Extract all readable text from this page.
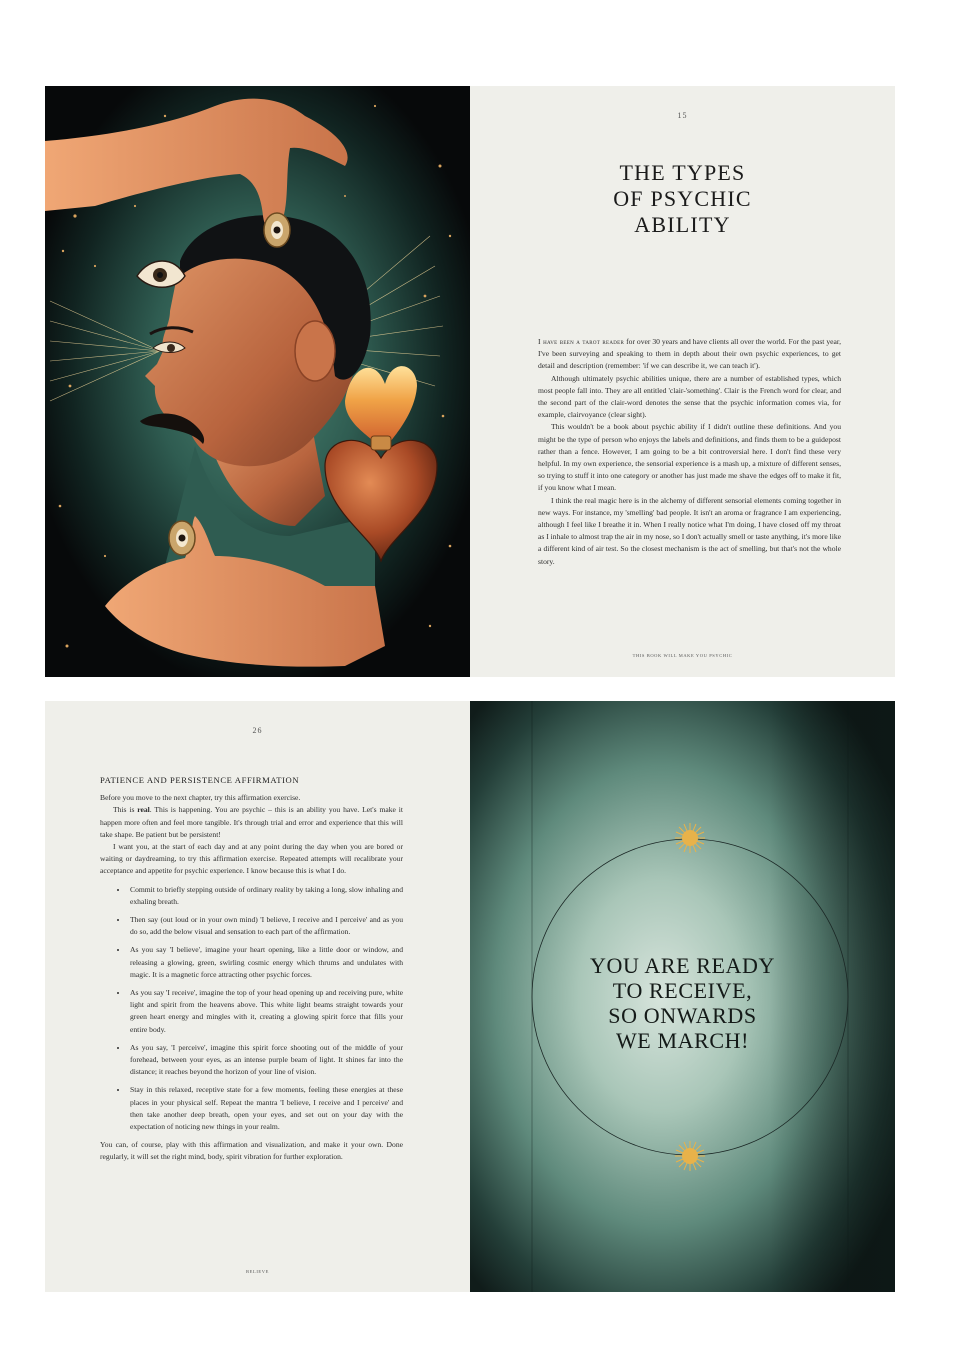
15
THE TYPES
OF PSYCHIC
ABILITY

I have been a tarot reader for over 30 years and have clients all over the world. For the past year, I've been surveying and speaking to them in depth about their own psychic experiences, to get detail and description (remember: 'if we can describe it, we can teach it').

Although ultimately psychic abilities unique, there are a number of established types, which most people fall into. They are all entitled 'clair-'something'. Clair is the French word for clear, and the second part of the clair-word denotes the sense that the psychic information comes via, for example, clairvoyance (clear sight).

This wouldn't be a book about psychic ability if I didn't outline these definitions. And you might be the type of person who enjoys the labels and definitions, and finds them to be a guidepost rather than a fence. However, I am going to be a bit controversial here. I don't find these very helpful. In my own experience, the sensorial experience is a mash up, a mixture of different senses, so trying to stuff it into one category or another has just made me shave the edges off to make it fit, if you know what I mean.

I think the real magic here is in the alchemy of different sensorial elements coming together in new ways. For instance, my 'smelling' bad people. It isn't an aroma or fragrance I am experiencing, although I feel like I breathe it in. When I really notice what I'm doing, I have closed off my throat as I inhale to almost trap the air in my nose, so I don't actually smell or taste anything, it's more like a different kind of air test. So the closest mechanism is the act of smelling, but that's not the whole story.

THIS BOOK WILL MAKE YOU PSYCHIC
26
PATIENCE AND PERSISTENCE AFFIRMATION

Before you move to the next chapter, try this affirmation exercise.

This is real. This is happening. You are psychic – this is an ability you have. Let's make it happen more often and feel more tangible. It's through trial and error and experience that this will take shape. Be patient but be persistent!

I want you, at the start of each day and at any point during the day when you are bored or waiting or daydreaming, to try this affirmation exercise. Repeated attempts will recalibrate your acceptance and appetite for psychic experience. I know because this is what I do.

• Commit to briefly stepping outside of ordinary reality by taking a long, slow inhaling and exhaling breath.
• Then say (out loud or in your own mind) 'I believe, I receive and I perceive' and as you do so, add the below visual and sensation to each part of the affirmation.
• As you say 'I believe', imagine your heart opening, like a little door or window, and releasing a glowing, green, swirling cosmic energy which thrums and undulates with magic. It is a magnetic force attracting other psychic forces.
• As you say 'I receive', imagine the top of your head opening up and receiving pure, white light and spirit from the heavens above. This white light beams straight towards your green heart energy and mingles with it, creating a glowing spirit force that fills your entire body.
• As you say, 'I perceive', imagine this spirit force shooting out of the middle of your forehead, between your eyes, as an intense purple beam of light. It shines far into the distance; it reaches beyond the horizon of your line of vision.
• Stay in this relaxed, receptive state for a few moments, feeling these energies at these places in your physical self. Repeat the mantra 'I believe, I receive and I perceive' and then take another deep breath, open your eyes, and set out on your day with the expectation of noticing new things in your realm.

You can, of course, play with this affirmation and visualization, and make it your own. Done regularly, it will set the right mind, body, spirit vibration for further exploration.

BELIEVE
YOU ARE READY
TO RECEIVE,
SO ONWARDS
WE MARCH!
